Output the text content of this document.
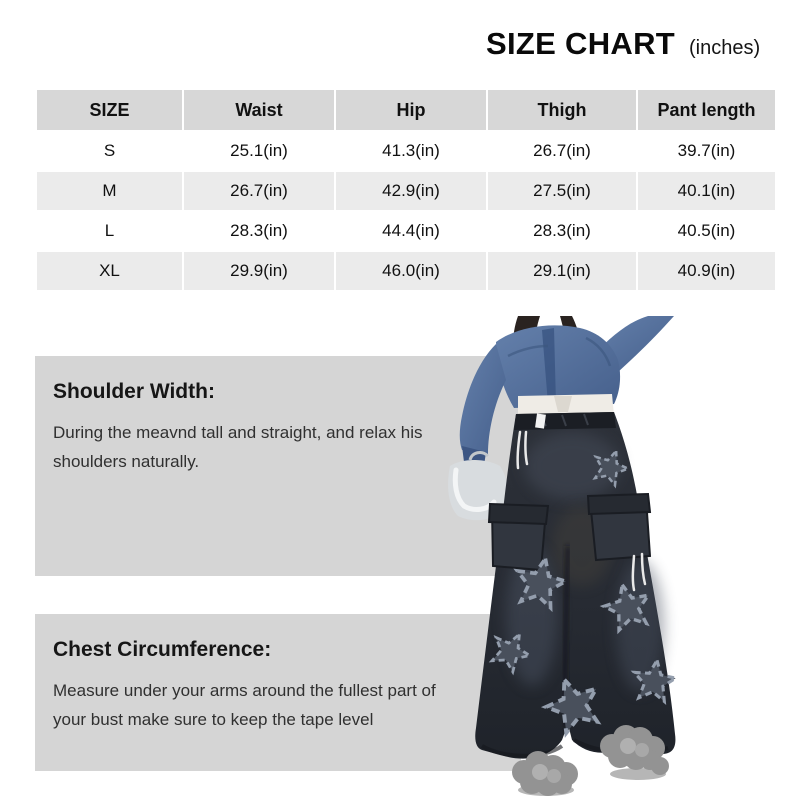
SIZE CHART (inches)
SIZE	Waist	Hip	Thigh	Pant length
S	25.1(in)	41.3(in)	26.7(in)	39.7(in)
M	26.7(in)	42.9(in)	27.5(in)	40.1(in)
L	28.3(in)	44.4(in)	28.3(in)	40.5(in)
XL	29.9(in)	46.0(in)	29.1(in)	40.9(in)
Shoulder Width:

During the meavnd tall and straight, and relax his shoulders naturally.

Chest Circumference:

Measure under your arms around the fullest part of your bust make sure to keep the tape level
